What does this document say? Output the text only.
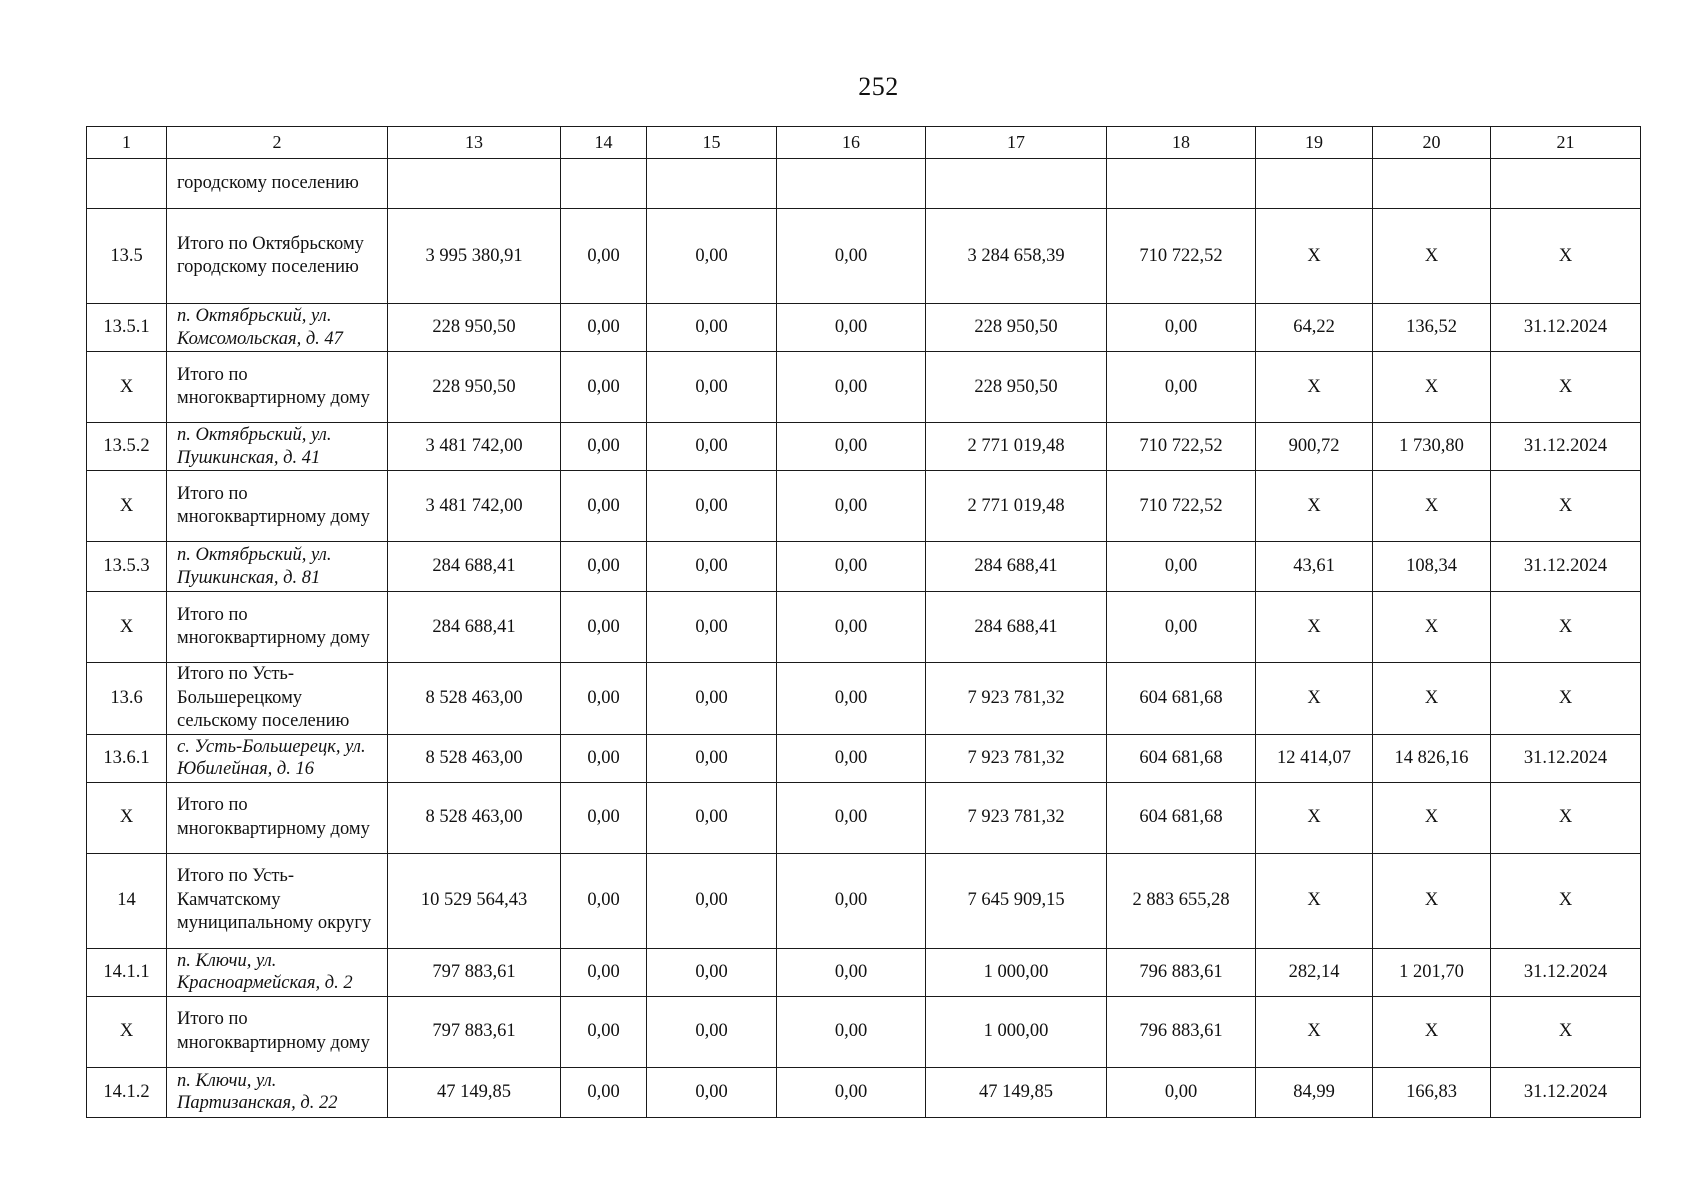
252
1	2	13	14	15	16	17	18	19	20	21
	городскому поселению									
13.5	Итого по Октябрьскому городскому поселению	3 995 380,91	0,00	0,00	0,00	3 284 658,39	710 722,52	Х	Х	Х
13.5.1	п. Октябрьский, ул. Комсомольская, д. 47	228 950,50	0,00	0,00	0,00	228 950,50	0,00	64,22	136,52	31.12.2024
Х	Итого по многоквартирному дому	228 950,50	0,00	0,00	0,00	228 950,50	0,00	Х	Х	Х
13.5.2	п. Октябрьский, ул. Пушкинская, д. 41	3 481 742,00	0,00	0,00	0,00	2 771 019,48	710 722,52	900,72	1 730,80	31.12.2024
Х	Итого по многоквартирному дому	3 481 742,00	0,00	0,00	0,00	2 771 019,48	710 722,52	Х	Х	Х
13.5.3	п. Октябрьский, ул. Пушкинская, д. 81	284 688,41	0,00	0,00	0,00	284 688,41	0,00	43,61	108,34	31.12.2024
Х	Итого по многоквартирному дому	284 688,41	0,00	0,00	0,00	284 688,41	0,00	Х	Х	Х
13.6	Итого по Усть-Большерецкому сельскому поселению	8 528 463,00	0,00	0,00	0,00	7 923 781,32	604 681,68	Х	Х	Х
13.6.1	с. Усть-Большерецк, ул. Юбилейная, д. 16	8 528 463,00	0,00	0,00	0,00	7 923 781,32	604 681,68	12 414,07	14 826,16	31.12.2024
Х	Итого по многоквартирному дому	8 528 463,00	0,00	0,00	0,00	7 923 781,32	604 681,68	Х	Х	Х
14	Итого по Усть-Камчатскому муниципальному округу	10 529 564,43	0,00	0,00	0,00	7 645 909,15	2 883 655,28	Х	Х	Х
14.1.1	п. Ключи, ул. Красноармейская, д. 2	797 883,61	0,00	0,00	0,00	1 000,00	796 883,61	282,14	1 201,70	31.12.2024
Х	Итого по многоквартирному дому	797 883,61	0,00	0,00	0,00	1 000,00	796 883,61	Х	Х	Х
14.1.2	п. Ключи, ул. Партизанская, д. 22	47 149,85	0,00	0,00	0,00	47 149,85	0,00	84,99	166,83	31.12.2024
